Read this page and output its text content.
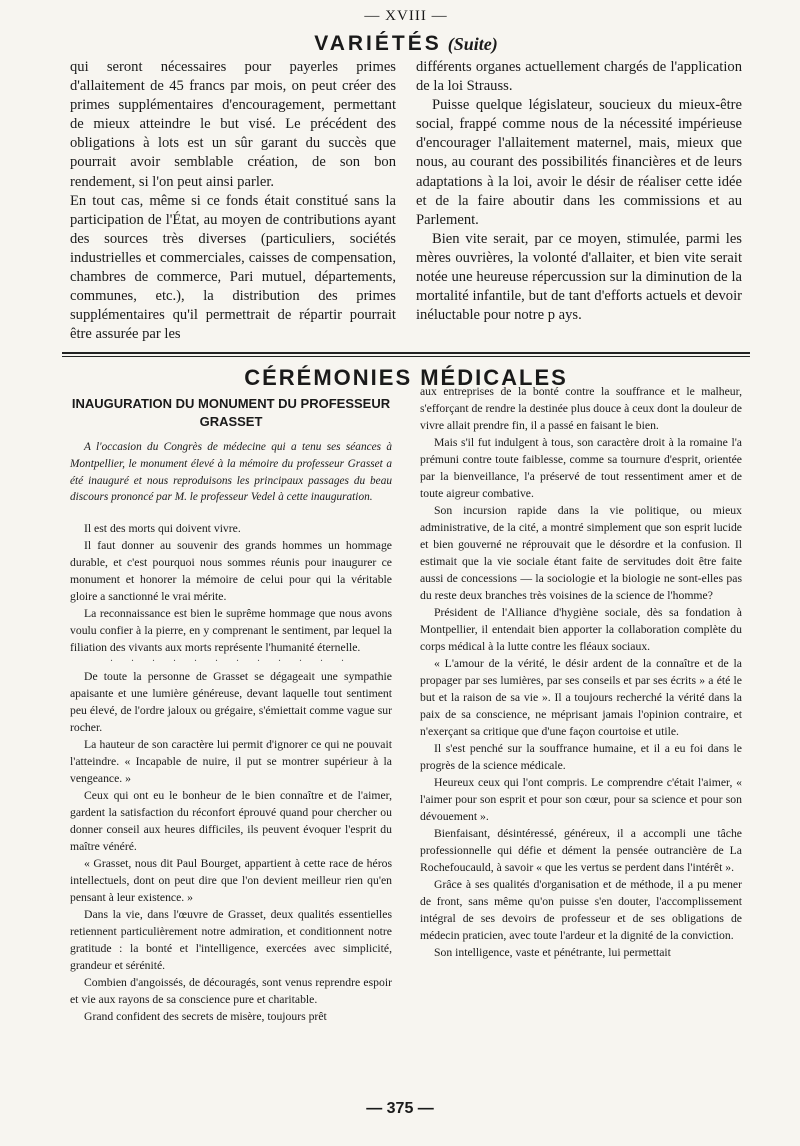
— XVIII —
VARIÉTÉS (Suite)

qui seront nécessaires pour payerles primes d'allaitement de 45 francs par mois, on peut créer des primes supplémentaires d'encouragement, permettant de mieux atteindre le but visé. Le précédent des obligations à lots est un sûr garant du succès que pourrait avoir semblable création, de son bon rendement, si l'on peut ainsi parler.

En tout cas, même si ce fonds était constitué sans la participation de l'État, au moyen de contributions ayant des sources très diverses (particuliers, sociétés industrielles et commerciales, caisses de compensation, chambres de commerce, Pari mutuel, départements, communes, etc.), la distribution des primes supplémentaires qu'il permettrait de répartir pourrait être assurée par les

différents organes actuellement chargés de l'application de la loi Strauss.

Puisse quelque législateur, soucieux du mieux-être social, frappé comme nous de la nécessité impérieuse d'encourager l'allaitement maternel, mais, mieux que nous, au courant des possibilités financières et de leurs adaptations à la loi, avoir le désir de réaliser cette idée et de la faire aboutir dans les commissions et au Parlement.

Bien vite serait, par ce moyen, stimulée, parmi les mères ouvrières, la volonté d'allaiter, et bien vite serait notée une heureuse répercussion sur la diminution de la mortalité infantile, but de tant d'efforts actuels et devoir inéluctable pour notre p ays.

CÉRÉMONIES MÉDICALES
INAUGURATION DU MONUMENT DU PROFESSEUR GRASSET

A l'occasion du Congrès de médecine qui a tenu ses séances à Montpellier, le monument élevé à la mémoire du professeur Grasset a été inauguré et nous reproduisons les principaux passages du beau discours prononcé par M. le professeur Vedel à cette inauguration.

Il est des morts qui doivent vivre.

Il faut donner au souvenir des grands hommes un hommage durable, et c'est pourquoi nous sommes réunis pour inaugurer ce monument et honorer la mémoire de celui pour qui la véritable gloire a sanctionné le vrai mérite.

La reconnaissance est bien le suprême hommage que nous avons voulu confier à la pierre, en y comprenant le sentiment, par lequel la filiation des vivants aux morts représente l'humanité éternelle.

. . . . . . . . . . . .

De toute la personne de Grasset se dégageait une sympathie apaisante et une lumière généreuse, devant laquelle tout sentiment peu élevé, de l'ordre jaloux ou grégaire, s'émiettait comme vague sur rocher.

La hauteur de son caractère lui permit d'ignorer ce qui ne pouvait l'atteindre. « Incapable de nuire, il put se montrer supérieur à la vengeance. »

Ceux qui ont eu le bonheur de le bien connaître et de l'aimer, gardent la satisfaction du réconfort éprouvé quand pour chercher ou donner conseil aux heures difficiles, ils peuvent évoquer l'esprit du maître vénéré.

« Grasset, nous dit Paul Bourget, appartient à cette race de héros intellectuels, dont on peut dire que l'on devient meilleur rien qu'en pensant à leur existence. »

Dans la vie, dans l'œuvre de Grasset, deux qualités essentielles retiennent particulièrement notre admiration, et conditionnent notre gratitude : la bonté et l'intelligence, exercées avec simplicité, grandeur et sérénité.

Combien d'angoissés, de découragés, sont venus reprendre espoir et vie aux rayons de sa conscience pure et charitable.

Grand confident des secrets de misère, toujours prêt

aux entreprises de la bonté contre la souffrance et le malheur, s'efforçant de rendre la destinée plus douce à ceux dont la douleur de vivre allait prendre fin, il a passé en faisant le bien.

Mais s'il fut indulgent à tous, son caractère droit à la romaine l'a prémuni contre toute faiblesse, comme sa tournure d'esprit, orientée par la bienveillance, l'a préservé de tout ressentiment amer et de toute aigreur combative.

Son incursion rapide dans la vie politique, ou mieux administrative, de la cité, a montré simplement que son esprit lucide et bien gouverné ne réprouvait que le désordre et la confusion. Il estimait que la vie sociale étant faite de servitudes doit être faite aussi de concessions — la sociologie et la biologie ne sont-elles pas du reste deux branches très voisines de la science de l'homme?

Président de l'Alliance d'hygiène sociale, dès sa fondation à Montpellier, il entendait bien apporter la collaboration complète du corps médical à la lutte contre les fléaux sociaux.

« L'amour de la vérité, le désir ardent de la connaître et de la propager par ses lumières, par ses conseils et par ses écrits » a été le but et la raison de sa vie ». Il a toujours recherché la vérité dans la paix de sa conscience, ne méprisant jamais l'opinion contraire, et n'exerçant sa critique que d'une façon courtoise et utile.

Il s'est penché sur la souffrance humaine, et il a eu foi dans le progrès de la science médicale.

Heureux ceux qui l'ont compris. Le comprendre c'était l'aimer, « l'aimer pour son esprit et pour son cœur, pour sa science et pour son dévouement ».

Bienfaisant, désintéressé, généreux, il a accompli une tâche professionnelle qui défie et dément la pensée outrancière de La Rochefoucauld, à savoir « que les vertus se perdent dans l'intérêt ».

Grâce à ses qualités d'organisation et de méthode, il a pu mener de front, sans même qu'on puisse s'en douter, l'accomplissement intégral de ses devoirs de professeur et de ses obligations de médecin praticien, avec toute l'ardeur et la dignité de la conviction.

Son intelligence, vaste et pénétrante, lui permettait

— 375 —
